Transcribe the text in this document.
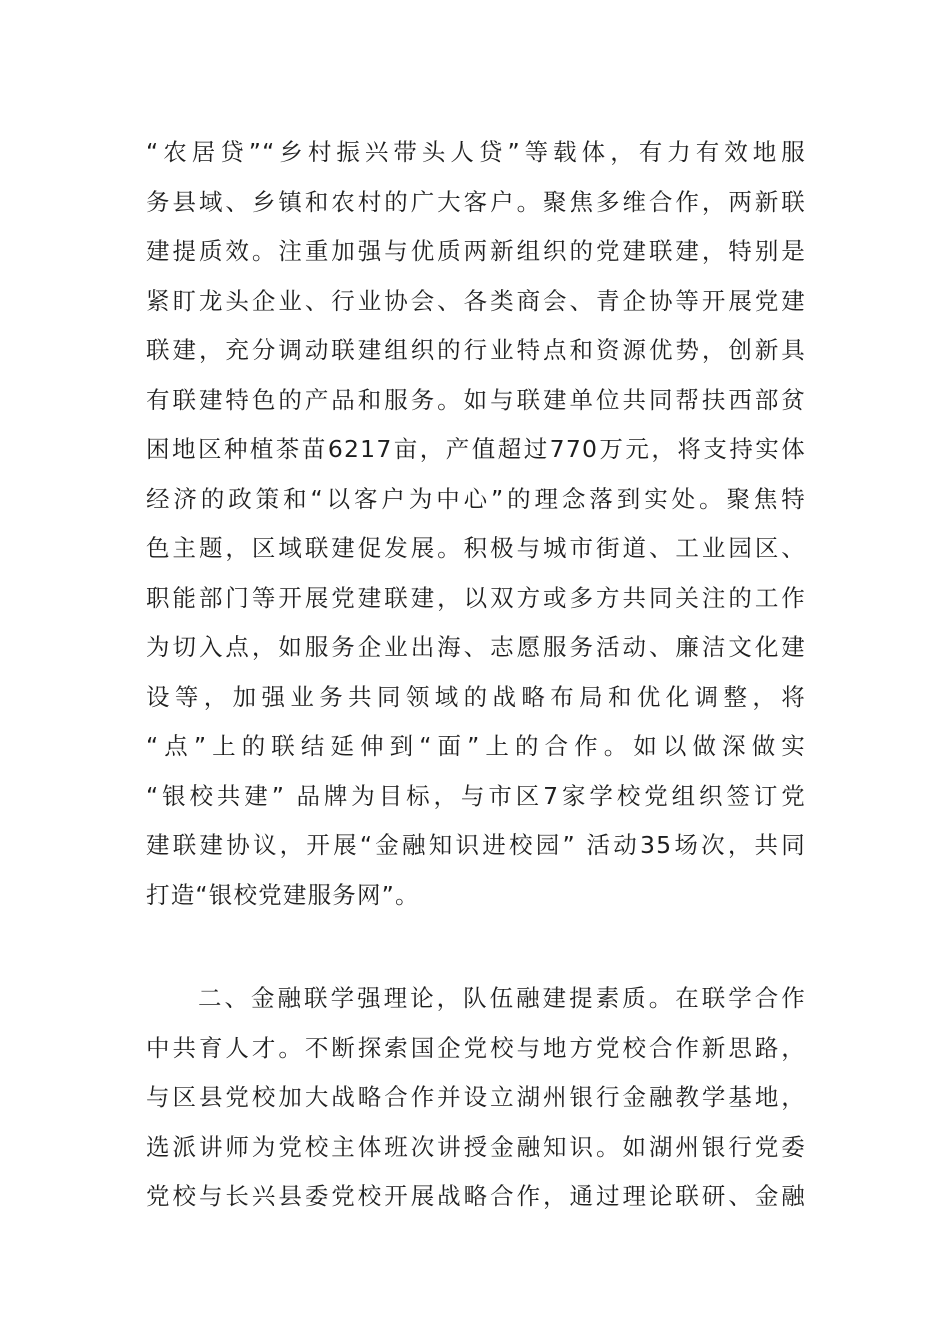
“农居贷”“乡村振兴带头人贷”等载体，有力有效地服
务县域、乡镇和农村的广大客户。聚焦多维合作，两新联
建提质效。注重加强与优质两新组织的党建联建，特别是
紧盯龙头企业、行业协会、各类商会、青企协等开展党建
联建，充分调动联建组织的行业特点和资源优势，创新具
有联建特色的产品和服务。如与联建单位共同帮扶西部贫
困地区种植茶苗6217亩，产值超过770万元，将支持实体
经济的政策和“以客户为中心”的理念落到实处。聚焦特
色主题，区域联建促发展。积极与城市街道、工业园区、
职能部门等开展党建联建，以双方或多方共同关注的工作
为切入点，如服务企业出海、志愿服务活动、廉洁文化建
设等，加强业务共同领域的战略布局和优化调整，将
“点”上的联结延伸到“面”上的合作。如以做深做实
“银校共建” 品牌为目标，与市区7家学校党组织签订党
建联建协议，开展“金融知识进校园” 活动35场次，共同
打造“银校党建服务网”。
二、金融联学强理论，队伍融建提素质。在联学合作
中共育人才。不断探索国企党校与地方党校合作新思路，
与区县党校加大战略合作并设立湖州银行金融教学基地，
选派讲师为党校主体班次讲授金融知识。如湖州银行党委
党校与长兴县委党校开展战略合作，通过理论联研、金融
